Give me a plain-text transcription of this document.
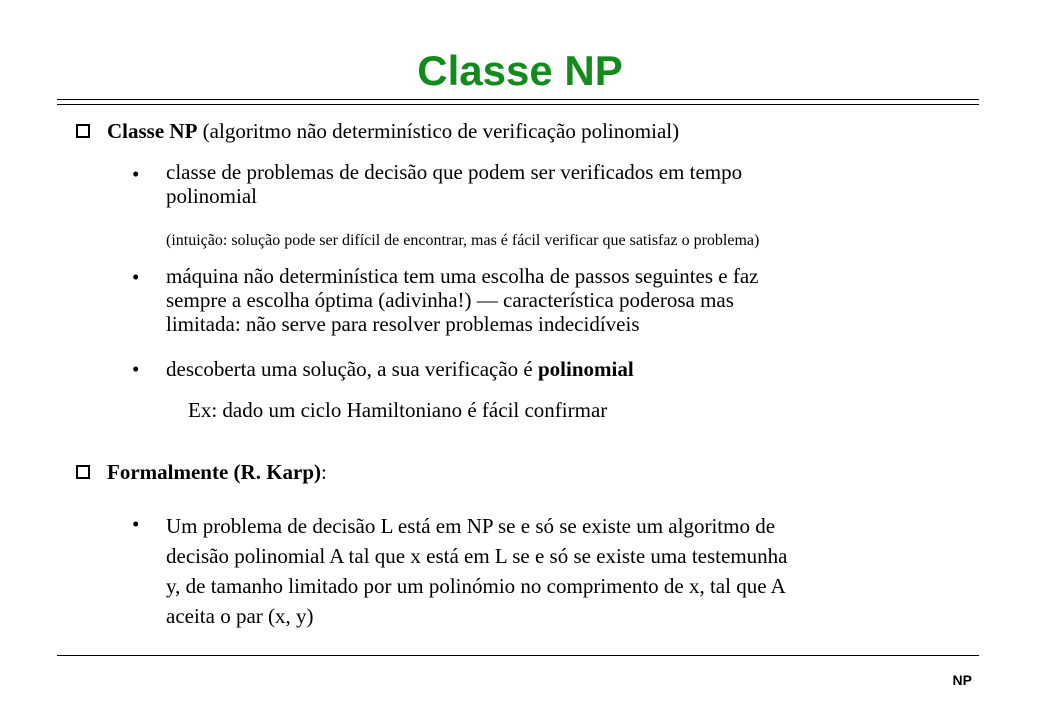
Classe NP
Classe NP (algoritmo não determinístico de verificação polinomial)
• classe de problemas de decisão que podem ser verificados em tempo
polinomial
(intuição: solução pode ser difícil de encontrar, mas é fácil verificar que satisfaz o problema)
• máquina não determinística tem uma escolha de passos seguintes e faz
sempre a escolha óptima (adivinha!) — característica poderosa mas
limitada: não serve para resolver problemas indecidíveis
• descoberta uma solução, a sua verificação é polinomial
Ex: dado um ciclo Hamiltoniano é fácil confirmar
Formalmente (R. Karp):
• Um problema de decisão L está em NP se e só se existe um algoritmo de
decisão polinomial A tal que x está em L se e só se existe uma testemunha
y, de tamanho limitado por um polinómio no comprimento de x, tal que A
aceita o par (x, y)
NP
